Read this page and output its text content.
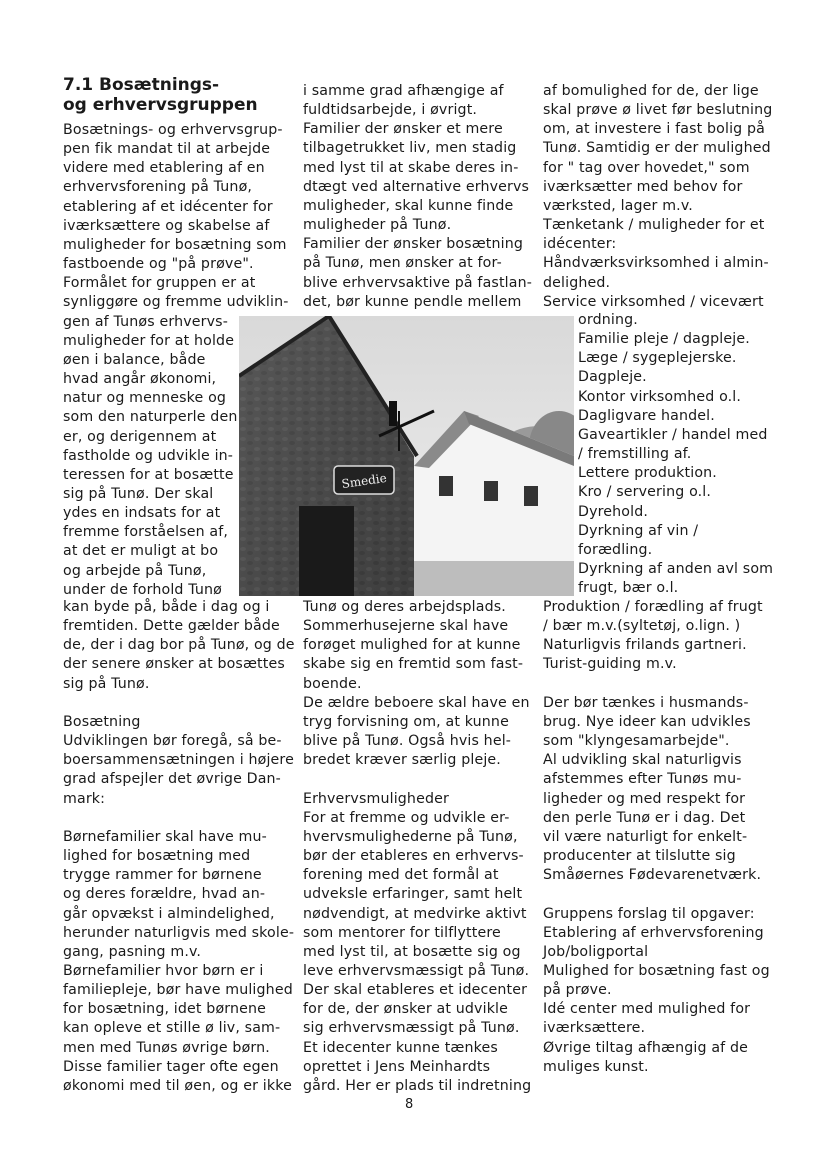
7.1 Bosætnings-
og erhvervsgruppen
Bosætnings- og erhvervsgrup-
pen fik mandat til at arbejde
videre med etablering af en
erhvervsforening på Tunø,
etablering af et idécenter for
iværksættere og skabelse af
muligheder for bosætning som
fastboende og "på prøve".
Formålet for gruppen er at
synliggøre og fremme udviklin-
gen af Tunøs erhvervs-
muligheder for at holde
øen i balance, både
hvad angår økonomi,
natur og menneske og
som den naturperle den
er, og derigennem at
fastholde og udvikle in-
teressen for at bosætte
sig på Tunø. Der skal
ydes en indsats for at
fremme forståelsen af,
at det er muligt at bo
og arbejde på Tunø,
under de forhold Tunø
kan byde på, både i dag og i
fremtiden. Dette gælder både
de, der i dag bor på Tunø, og de
der senere ønsker at bosættes
sig på Tunø.

Bosætning
Udviklingen bør foregå, så be-
boersammensætningen i højere
grad afspejler det øvrige Dan-
mark:

Børnefamilier skal have mu-
lighed for bosætning med
trygge rammer for børnene
og deres forældre, hvad an-
går opvækst i almindelighed,
herunder naturligvis med skole-
gang, pasning m.v.
Børnefamilier hvor børn er i
familiepleje, bør have mulighed
for bosætning, idet børnene
kan opleve et stille ø liv, sam-
men med Tunøs øvrige børn.
Disse familier tager ofte egen
økonomi med til øen, og er ikke
i samme grad afhængige af
fuldtidsarbejde, i øvrigt.
Familier der ønsker et mere
tilbagetrukket liv, men stadig
med lyst til at skabe deres in-
dtægt ved alternative erhvervs
muligheder, skal kunne finde
muligheder på Tunø.
Familier der ønsker bosætning
på Tunø, men ønsker at for-
blive erhvervsaktive på fastlan-
det, bør kunne pendle mellem
Tunø og deres arbejdsplads.
Sommerhusejerne skal have
forøget mulighed for at kunne
skabe sig en fremtid som fast-
boende.
De ældre beboere skal have en
tryg forvisning om, at kunne
blive på Tunø. Også hvis hel-
bredet kræver særlig pleje.

Erhvervsmuligheder
For at fremme og udvikle er-
hvervsmulighederne på Tunø,
bør der etableres en erhvervs-
forening med det formål at
udveksle erfaringer, samt helt
nødvendigt, at medvirke aktivt
som mentorer for tilflyttere
med lyst til, at bosætte sig og
leve erhvervsmæssigt på Tunø.
Der skal etableres et idecenter
for de, der ønsker at udvikle
sig erhvervsmæssigt på Tunø.
Et idecenter kunne tænkes
oprettet i Jens Meinhardts
gård. Her er plads til indretning
af bomulighed for de, der lige
skal prøve ø livet før beslutning
om, at investere i fast bolig på
Tunø. Samtidig er der mulighed
for " tag over hovedet," som
iværksætter med behov for
værksted, lager m.v.
Tænketank / muligheder for et
idécenter:
Håndværksvirksomhed i almin-
delighed.
Service virksomhed / vicevært
ordning.
Familie pleje / dagpleje.
Læge / sygeplejerske.
Dagpleje.
Kontor virksomhed o.l.
Dagligvare handel.
Gaveartikler / handel med
/ fremstilling af.
Lettere produktion.
Kro / servering o.l.
Dyrehold.
Dyrkning af vin /
forædling.
Dyrkning af anden avl som
frugt, bær o.l.
Produktion / forædling af frugt
/ bær m.v.(syltetøj, o.lign. )
Naturligvis frilands gartneri.
Turist-guiding m.v.

Der bør tænkes i husmands-
brug. Nye ideer kan udvikles
som "klyngesamarbejde".
Al udvikling skal naturligvis
afstemmes efter Tunøs mu-
ligheder og med respekt for
den perle Tunø er i dag. Det
vil være naturligt for enkelt-
producenter at tilslutte sig
Småøernes Fødevarenetværk.

Gruppens forslag til opgaver:
Etablering af erhvervsforening
Job/boligportal
Mulighed for bosætning fast og
på prøve.
Idé center med mulighed for
iværksættere.
Øvrige tiltag afhængig af de
muliges kunst.
Smedie
8
